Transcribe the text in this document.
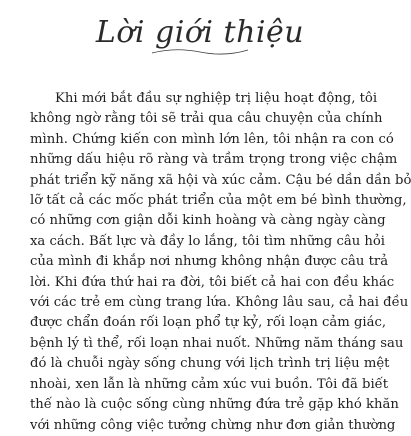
Lời giới thiệu
Khi mới bắt đầu sự nghiệp trị liệu hoạt động, tôi
không ngờ rằng tôi sẽ trải qua câu chuyện của chính
mình. Chứng kiến con mình lớn lên, tôi nhận ra con có
những dấu hiệu rõ ràng và trầm trọng trong việc chậm
phát triển kỹ năng xã hội và xúc cảm. Cậu bé dần dần bỏ
lỡ tất cả các mốc phát triển của một em bé bình thường,
có những cơn giận dỗi kinh hoàng và càng ngày càng
xa cách. Bất lực và đầy lo lắng, tôi tìm những câu hỏi
của mình đi khắp nơi nhưng không nhận được câu trả
lời. Khi đứa thứ hai ra đời, tôi biết cả hai con đều khác
với các trẻ em cùng trang lứa. Không lâu sau, cả hai đều
được chẩn đoán rối loạn phổ tự kỷ, rối loạn cảm giác,
bệnh lý tì thể, rối loạn nhai nuốt. Những năm tháng sau
đó là chuỗi ngày sống chung với lịch trình trị liệu mệt
nhoài, xen lẫn là những cảm xúc vui buồn. Tôi đã biết
thế nào là cuộc sống cùng những đứa trẻ gặp khó khăn
với những công việc tưởng chừng như đơn giản thường
